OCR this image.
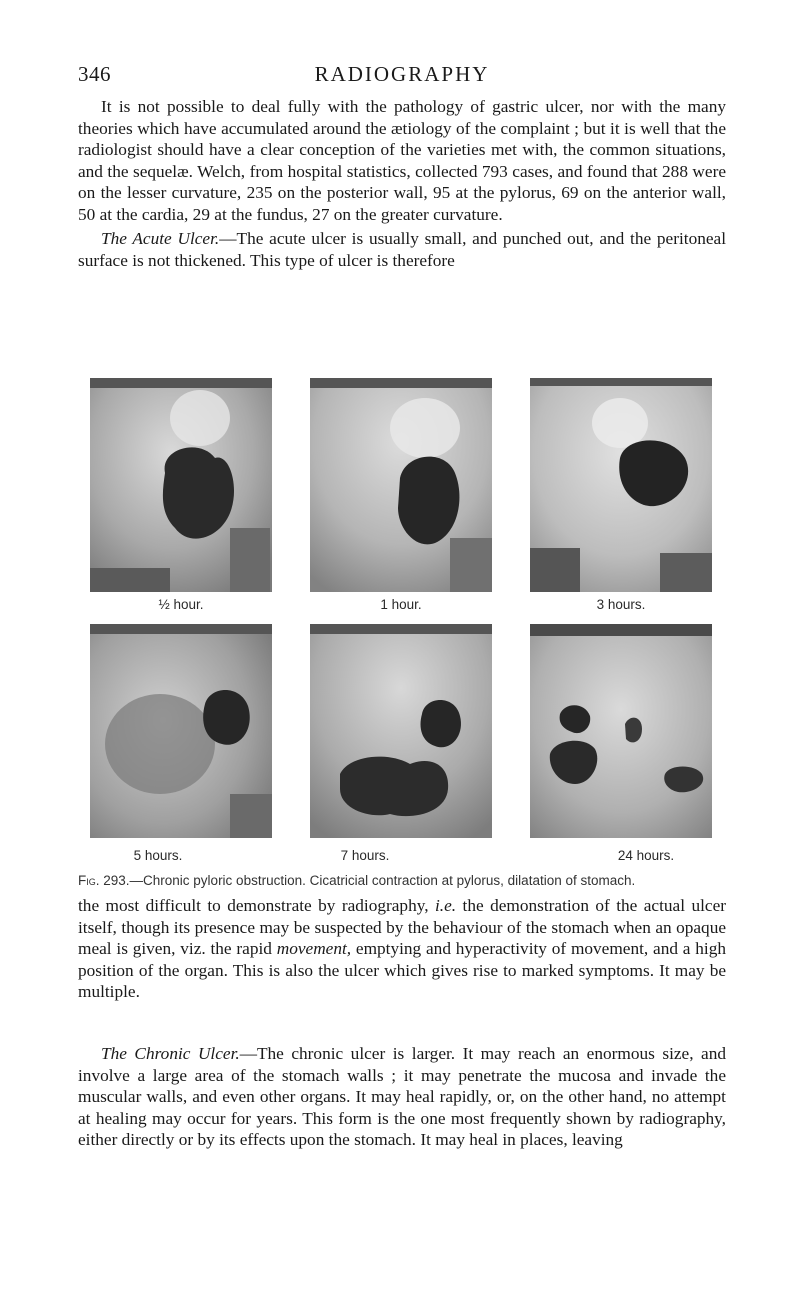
346	RADIOGRAPHY

It is not possible to deal fully with the pathology of gastric ulcer, nor with the many theories which have accumulated around the ætiology of the complaint ; but it is well that the radiologist should have a clear conception of the varieties met with, the common situations, and the sequelæ. Welch, from hospital statistics, collected 793 cases, and found that 288 were on the lesser curvature, 235 on the posterior wall, 95 at the pylorus, 69 on the anterior wall, 50 at the cardia, 29 at the fundus, 27 on the greater curvature.

The Acute Ulcer.—The acute ulcer is usually small, and punched out, and the peritoneal surface is not thickened. This type of ulcer is therefore

½ hour.	1 hour.	3 hours.
5 hours.	7 hours.	24 hours.
Fig. 293.—Chronic pyloric obstruction. Cicatricial contraction at pylorus, dilatation of stomach.

the most difficult to demonstrate by radiography, i.e. the demonstration of the actual ulcer itself, though its presence may be suspected by the behaviour of the stomach when an opaque meal is given, viz. the rapid movement, emptying and hyperactivity of movement, and a high position of the organ. This is also the ulcer which gives rise to marked symptoms. It may be multiple.

The Chronic Ulcer.—The chronic ulcer is larger. It may reach an enormous size, and involve a large area of the stomach walls ; it may penetrate the mucosa and invade the muscular walls, and even other organs. It may heal rapidly, or, on the other hand, no attempt at healing may occur for years. This form is the one most frequently shown by radiography, either directly or by its effects upon the stomach. It may heal in places, leaving
